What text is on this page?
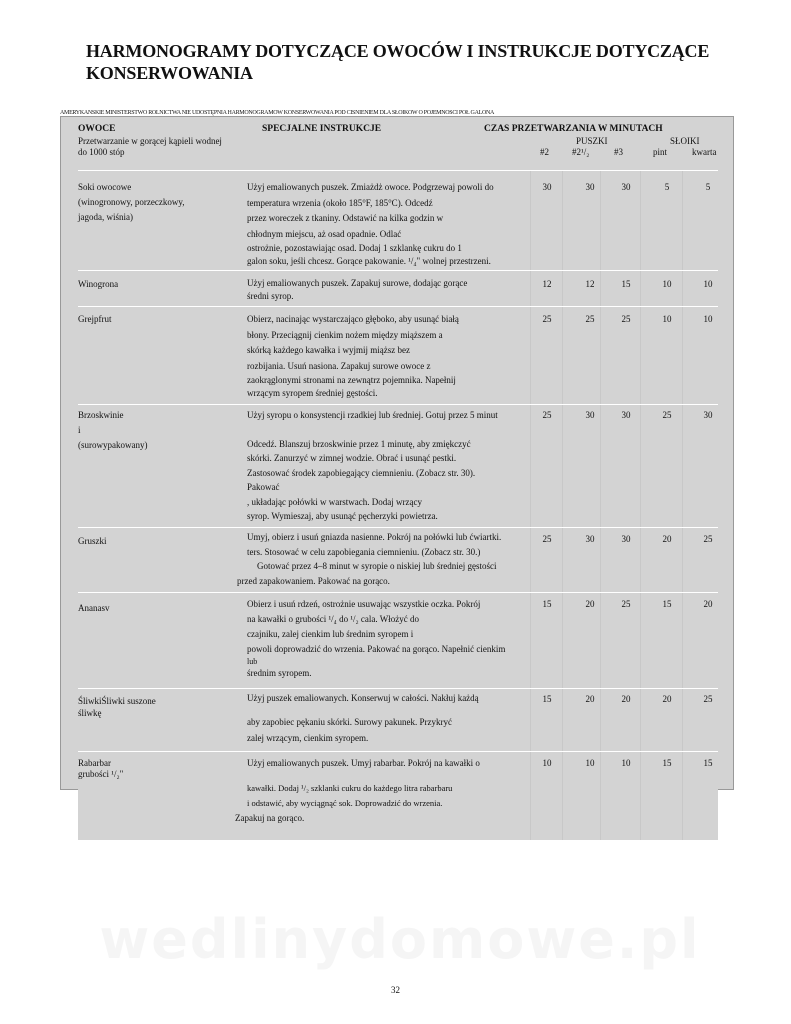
HARMONOGRAMY DOTYCZĄCE OWOCÓW I INSTRUKCJE DOTYCZĄCE KONSERWOWANIA
AMERYKAŃSKIE MINISTERSTWO ROLNICTWA NIE UDOSTĘPNIA HARMONOGRAMÓW KONSERWOWANIA POD CIŚNIENIEM DLA SŁOIKÓW O POJEMNOŚCI PÓŁ GALONA
OWOCE
Przetwarzanie w gorącej kąpieli wodnej
do 1000 stóp
SPECJALNE INSTRUKCJE	CZAS PRZETWARZANIA W MINUTACH
PUSZKI	SŁOIKI
#2	#2¹/₂	#3	pint	kwarta
Soki owocowe
(winogronowy, porzeczkowy,
jagoda, wiśnia)
Użyj emaliowanych puszek. Zmiażdż owoce. Podgrzewaj powoli do
temperatura wrzenia (około 185°F, 185°C). Odcedź
przez woreczek z tkaniny. Odstawić na kilka godzin w
chłodnym miejscu, aż osad opadnie. Odlać
ostrożnie, pozostawiając osad. Dodaj 1 szklankę cukru do 1
galon soku, jeśli chcesz. Gorące pakowanie. ¹/₄" wolnej przestrzeni.
30	30	30	5	5
Winogrona	Użyj emaliowanych puszek. Zapakuj surowe, dodając gorące
średni syrop.
12	12	15	10	10
Grejpfrut	Obierz, nacinając wystarczająco głęboko, aby usunąć białą
błony. Przeciągnij cienkim nożem między miąższem a
skórką każdego kawałka i wyjmij miąższ bez
rozbijania. Usuń nasiona. Zapakuj surowe owoce z
zaokrąglonymi stronami na zewnątrz pojemnika. Napełnij
wrzącym syropem średniej gęstości.
25	25	25	10	10
Brzoskwinie
i
(surowypakowany)
Użyj syropu o konsystencji rzadkiej lub średniej. Gotuj przez 5 minut
Odcedź. Blanszuj brzoskwinie przez 1 minutę, aby zmiękczyć
skórki. Zanurzyć w zimnej wodzie. Obrać i usunąć pestki.
Zastosować środek zapobiegający ciemnieniu. (Zobacz str. 30).
Pakować
, układając połówki w warstwach. Dodaj wrzący
syrop. Wymieszaj, aby usunąć pęcherzyki powietrza.
25	30	30	25	30
Gruszki	Umyj, obierz i usuń gniazda nasienne. Pokrój na połówki lub ćwiartki.
ters. Stosować w celu zapobiegania ciemnieniu. (Zobacz str. 30.)
Gotować przez 4–8 minut w syropie o niskiej lub średniej gęstości
przed zapakowaniem. Pakować na gorąco.
25	30	30	20	25
Ananasv	Obierz i usuń rdzeń, ostrożnie usuwając wszystkie oczka. Pokrój
na kawałki o grubości ¹/₄ do ¹/₂ cala. Włożyć do
czajniku, zalej cienkim lub średnim syropem i
powoli doprowadzić do wrzenia. Pakować na gorąco. Napełnić cienkim
lub
średnim syropem.
15	20	25	15	20
ŚliwkiŚliwki suszone
śliwkę
Użyj puszek emaliowanych. Konserwuj w całości. Nakłuj każdą
aby zapobiec pękaniu skórki. Surowy pakunek. Przykryć
zalej wrzącym, cienkim syropem.
15	20	20	20	25
Rabarbar
grubości ¹/₂"
Użyj emaliowanych puszek. Umyj rabarbar. Pokrój na kawałki o
kawałki. Dodaj ¹/₂ szklanki cukru do każdego litra rabarbaru
i odstawić, aby wyciągnąć sok. Doprowadzić do wrzenia.
Zapakuj na gorąco.
10	10	10	15	15
wedlinydomowe.pl
32
